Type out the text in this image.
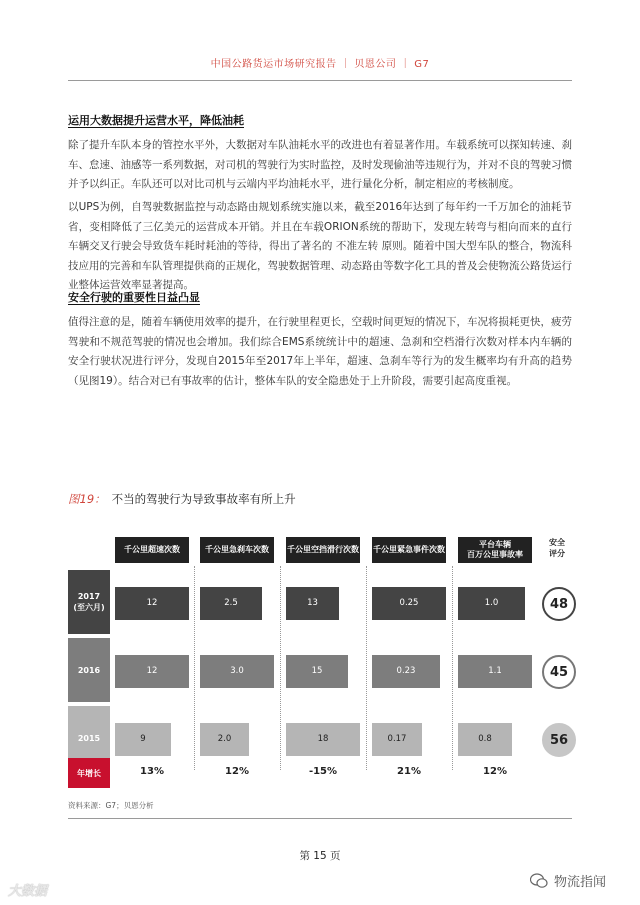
中国公路货运市场研究报告 ｜ 贝恩公司 ｜ G7
运用大数据提升运营水平，降低油耗
除了提升车队本身的管控水平外，大数据对车队油耗水平的改进也有着显著作用。车载系统可以探知转速、刹车、怠速、油感等一系列数据，对司机的驾驶行为实时监控，及时发现偷油等违规行为，并对不良的驾驶习惯并予以纠正。车队还可以对比司机与云端内平均油耗水平，进行量化分析，制定相应的考核制度。
以UPS为例，自驾驶数据监控与动态路由规划系统实施以来，截至2016年达到了每年约一千万加仑的油耗节省，变相降低了三亿美元的运营成本开销。并且在车载ORION系统的帮助下，发现左转弯与相向而来的直行车辆交叉行驶会导致货车耗时耗油的等待，得出了著名的 不准左转 原则。随着中国大型车队的整合，物流科技应用的完善和车队管理提供商的正规化，驾驶数据管理、动态路由等数字化工具的普及会使物流公路货运行业整体运营效率显著提高。
安全行驶的重要性日益凸显
值得注意的是，随着车辆使用效率的提升，在行驶里程更长，空载时间更短的情况下，车况将损耗更快，疲劳驾驶和不规范驾驶的情况也会增加。我们综合EMS系统统计中的超速、急刹和空档滑行次数对样本内车辆的安全行驶状况进行评分，发现自2015年至2017年上半年，超速、急刹车等行为的发生概率均有升高的趋势（见图19）。结合对已有事故率的估计，整体车队的安全隐患处于上升阶段，需要引起高度重视。
图19： 不当的驾驶行为导致事故率有所上升
千公里超速次数	千公里急刹车次数	千公里空挡滑行次数 千公里紧急事件次数
平台车辆
百万公里事故率
安全
评分
2017
(至六月)	12	2.5	13	0.25	1.0	48
2016	12	3.0	15	0.23	1.1	45
2015	9	2.0	18	0.17	0.8	56
年增长	13%	12%	-15%	21%	12%
资料来源：G7；贝恩分析
第 15 页
大数据
物流指闻
